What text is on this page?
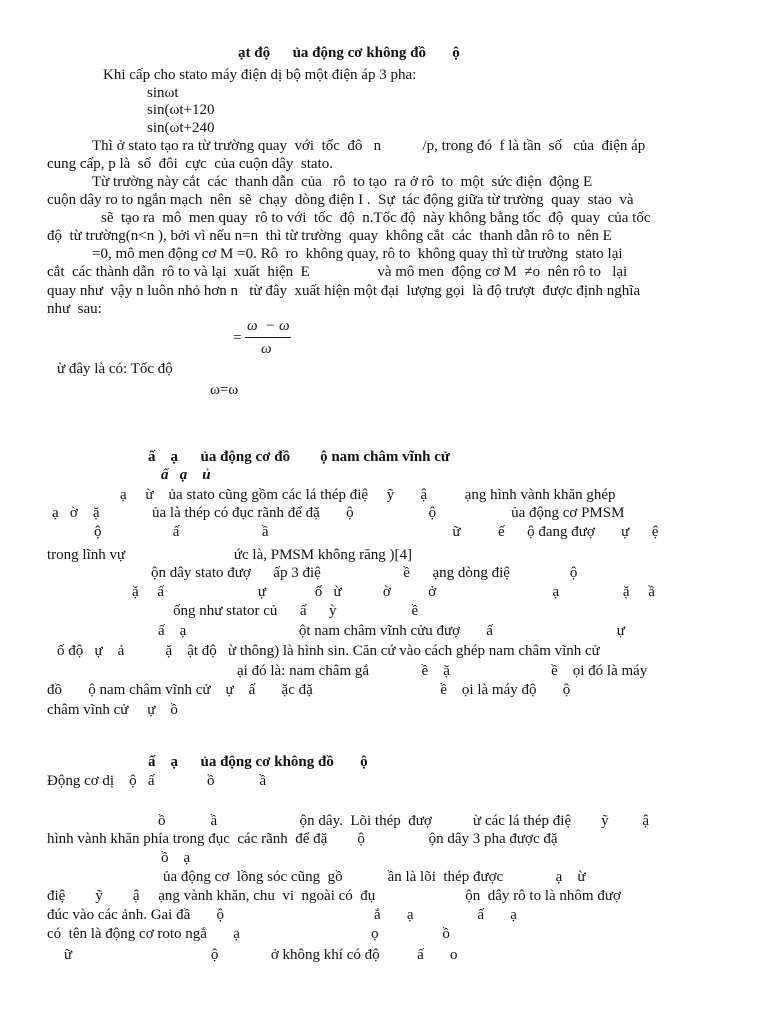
ạt độ      ủa động cơ không đồ       ộ
Khi cấp cho stato máy điện dị bộ một điện áp 3 pha:
sinωt
sin(ωt+120
sin(ωt+240
Thì ở stato tạo ra từ trường quay  với  tốc  đô   n           /p, trong đó  f là tần  số   của  điện áp
cung cấp, p là  số  đôi  cực  của cuộn dây  stato.
Từ trường này cắt  các  thanh dẫn  của   rô  to tạo  ra ở rô  to  một  sức điện  động E
cuộn dây ro to ngắn mạch  nên  sẽ  chạy  dòng điện I .  Sự  tác động giữa từ trường  quay  stao  và
sẽ  tạo ra  mô  men quay  rô to với  tốc  độ  n.Tốc độ  này không bằng tốc  độ  quay  của tốc
độ  từ trường(n<n ), bởi vì nếu n=n  thì từ trường  quay  không cắt  các  thanh dẫn rô to  nên E
=0, mô men động cơ M =0. Rô  ro  không quay, rô to  không quay thì từ trường  stato lại
cắt  các thành dẫn  rô to và lại  xuất  hiện  E                  và mô men  động cơ M  ≠o  nên rô to   lại
quay như  vậy n luôn nhỏ hơn n   từ đây  xuất hiện một đại  lượng gọi  là độ trượt  được định nghĩa
như  sau:
=
ω  − ω
ω
ừ đây là có: Tốc độ
ω=ω
ấ    ạ      ủa động cơ đồ        ộ nam châm vĩnh cử
ấ   ạ    ủ
ạ     ừ    ủa stato cũng gồm các lá thép điệ     ỹ       ậ          ạng hình vành khăn ghép
ạ   ờ    ặ              ủa là thép có đục rãnh để đặ       ộ                    ộ                    ủa động cơ PMSM
ộ                   ấ                      ầ                                                 ữ          ế      ộ đang đượ       ự      ệ
trong lĩnh vự                             ức là, PMSM không răng )[4]
ộn dây stato đượ      ấp 3 điệ                      ề      ạng dòng điệ                ộ
ặ     ấ                         ự             ố   ừ           ờ          ở                               ạ                 ặ     ầ
ống như stator củ      ấ      ỳ                    ề
ấ    ạ                              ột nam châm vĩnh cửu đượ       ấ                                 ự
ố độ   ự    ả           ặ    ật độ   ừ thông) là hình sin. Căn cứ vào cách ghép nam châm vĩnh cử
ại đó là: nam châm gắ              ề    ặ                           ề    ọi đó là máy
đồ       ộ nam châm vĩnh cử    ự    ấ       ặc đặ                                  ề    ọi là máy độ       ộ
châm vĩnh cử     ự    ồ
ấ    ạ      ủa động cơ không đồ       ộ
Động cơ dị    ộ   ấ              ồ            ầ
ồ            ầ                      ộn dây.  Lõi thép  đượ           ừ các lá thép điệ        ỹ         ậ
hình vành khăn phía trong đục  các rãnh  để đặ        ộ                 ộn dây 3 pha được đặ
ồ    ạ
ủa động cơ  lồng sóc cũng  gồ            ần là lõi  thép được              ạ    ừ
điệ        ỹ        ậ     ạng vành khăn, chu  vi  ngoài có  đụ                        ộn  dây rô to là nhôm đượ
đúc vào các ảnh. Gai đầ       ộ                                        ắ       ạ                 ấ       ạ
có  tên là động cơ roto ngắ       ạ                                   ọ                 ồ
ữ                                     ộ              ở không khí có độ          ấ       o
